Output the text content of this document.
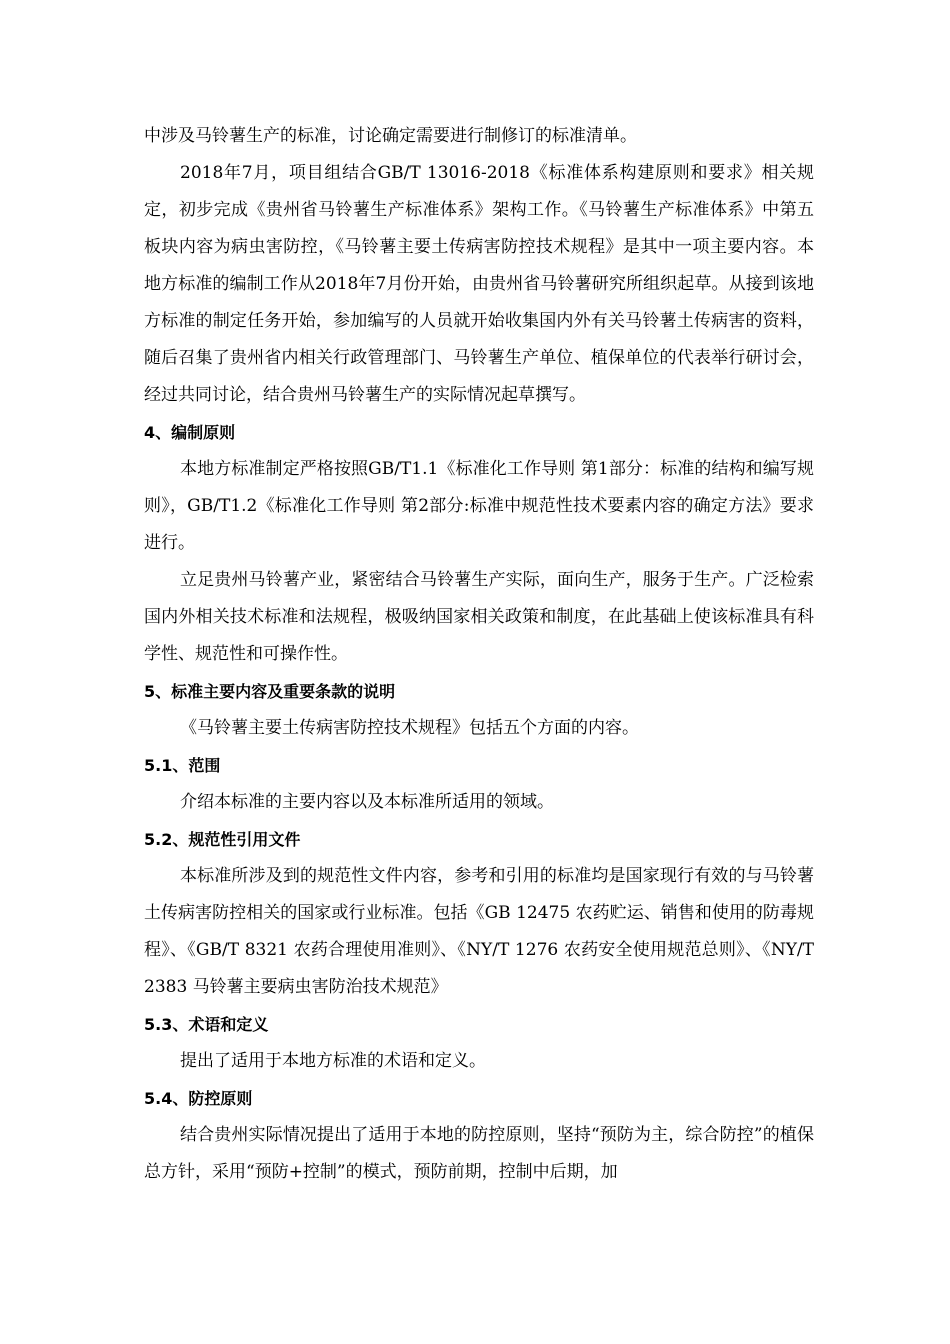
中涉及马铃薯生产的标准，讨论确定需要进行制修订的标准清单。

2018年7月，项目组结合GB/T 13016-2018《标准体系构建原则和要求》相关规定，初步完成《贵州省马铃薯生产标准体系》架构工作。《马铃薯生产标准体系》中第五板块内容为病虫害防控，《马铃薯主要土传病害防控技术规程》是其中一项主要内容。本地方标准的编制工作从2018年7月份开始，由贵州省马铃薯研究所组织起草。从接到该地方标准的制定任务开始，参加编写的人员就开始收集国内外有关马铃薯土传病害的资料，随后召集了贵州省内相关行政管理部门、马铃薯生产单位、植保单位的代表举行研讨会，经过共同讨论，结合贵州马铃薯生产的实际情况起草撰写。

4、编制原则

本地方标准制定严格按照GB/T1.1《标准化工作导则 第1部分：标准的结构和编写规则》，GB/T1.2《标准化工作导则 第2部分:标准中规范性技术要素内容的确定方法》要求进行。

立足贵州马铃薯产业，紧密结合马铃薯生产实际，面向生产，服务于生产。广泛检索国内外相关技术标准和法规程，极吸纳国家相关政策和制度，在此基础上使该标准具有科学性、规范性和可操作性。

5、标准主要内容及重要条款的说明

《马铃薯主要土传病害防控技术规程》包括五个方面的内容。

5.1、范围

介绍本标准的主要内容以及本标准所适用的领域。

5.2、规范性引用文件

本标准所涉及到的规范性文件内容，参考和引用的标准均是国家现行有效的与马铃薯土传病害防控相关的国家或行业标准。包括《GB 12475 农药贮运、销售和使用的防毒规程》、《GB/T 8321 农药合理使用准则》、《NY/T 1276 农药安全使用规范总则》、《NY/T 2383 马铃薯主要病虫害防治技术规范》

5.3、术语和定义

提出了适用于本地方标准的术语和定义。

5.4、防控原则

结合贵州实际情况提出了适用于本地的防控原则，坚持“预防为主，综合防控”的植保总方针，采用“预防+控制”的模式，预防前期，控制中后期，加
